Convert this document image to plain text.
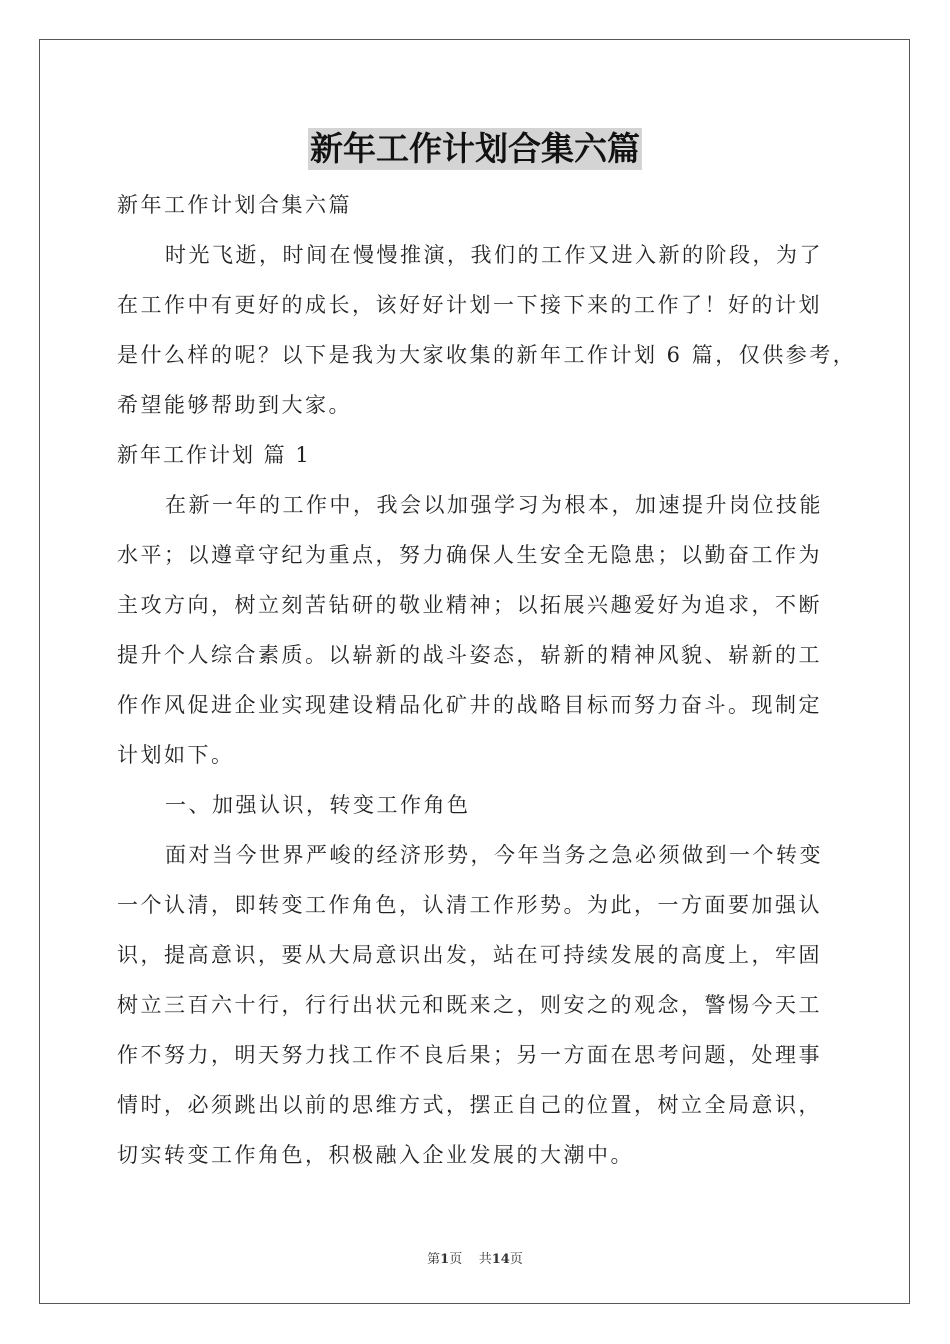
新年工作计划合集六篇
新年工作计划合集六篇
时光飞逝，时间在慢慢推演，我们的工作又进入新的阶段，为了
在工作中有更好的成长，该好好计划一下接下来的工作了！好的计划
是什么样的呢？以下是我为大家收集的新年工作计划 6 篇，仅供参考，
希望能够帮助到大家。
新年工作计划 篇 1
在新一年的工作中，我会以加强学习为根本，加速提升岗位技能
水平；以遵章守纪为重点，努力确保人生安全无隐患；以勤奋工作为
主攻方向，树立刻苦钻研的敬业精神；以拓展兴趣爱好为追求，不断
提升个人综合素质。以崭新的战斗姿态，崭新的精神风貌、崭新的工
作作风促进企业实现建设精品化矿井的战略目标而努力奋斗。现制定
计划如下。
一、加强认识，转变工作角色
面对当今世界严峻的经济形势，今年当务之急必须做到一个转变
一个认清，即转变工作角色，认清工作形势。为此，一方面要加强认
识，提高意识，要从大局意识出发，站在可持续发展的高度上，牢固
树立三百六十行，行行出状元和既来之，则安之的观念，警惕今天工
作不努力，明天努力找工作不良后果；另一方面在思考问题，处理事
情时，必须跳出以前的思维方式，摆正自己的位置，树立全局意识，
切实转变工作角色，积极融入企业发展的大潮中。
第1页 共14页
